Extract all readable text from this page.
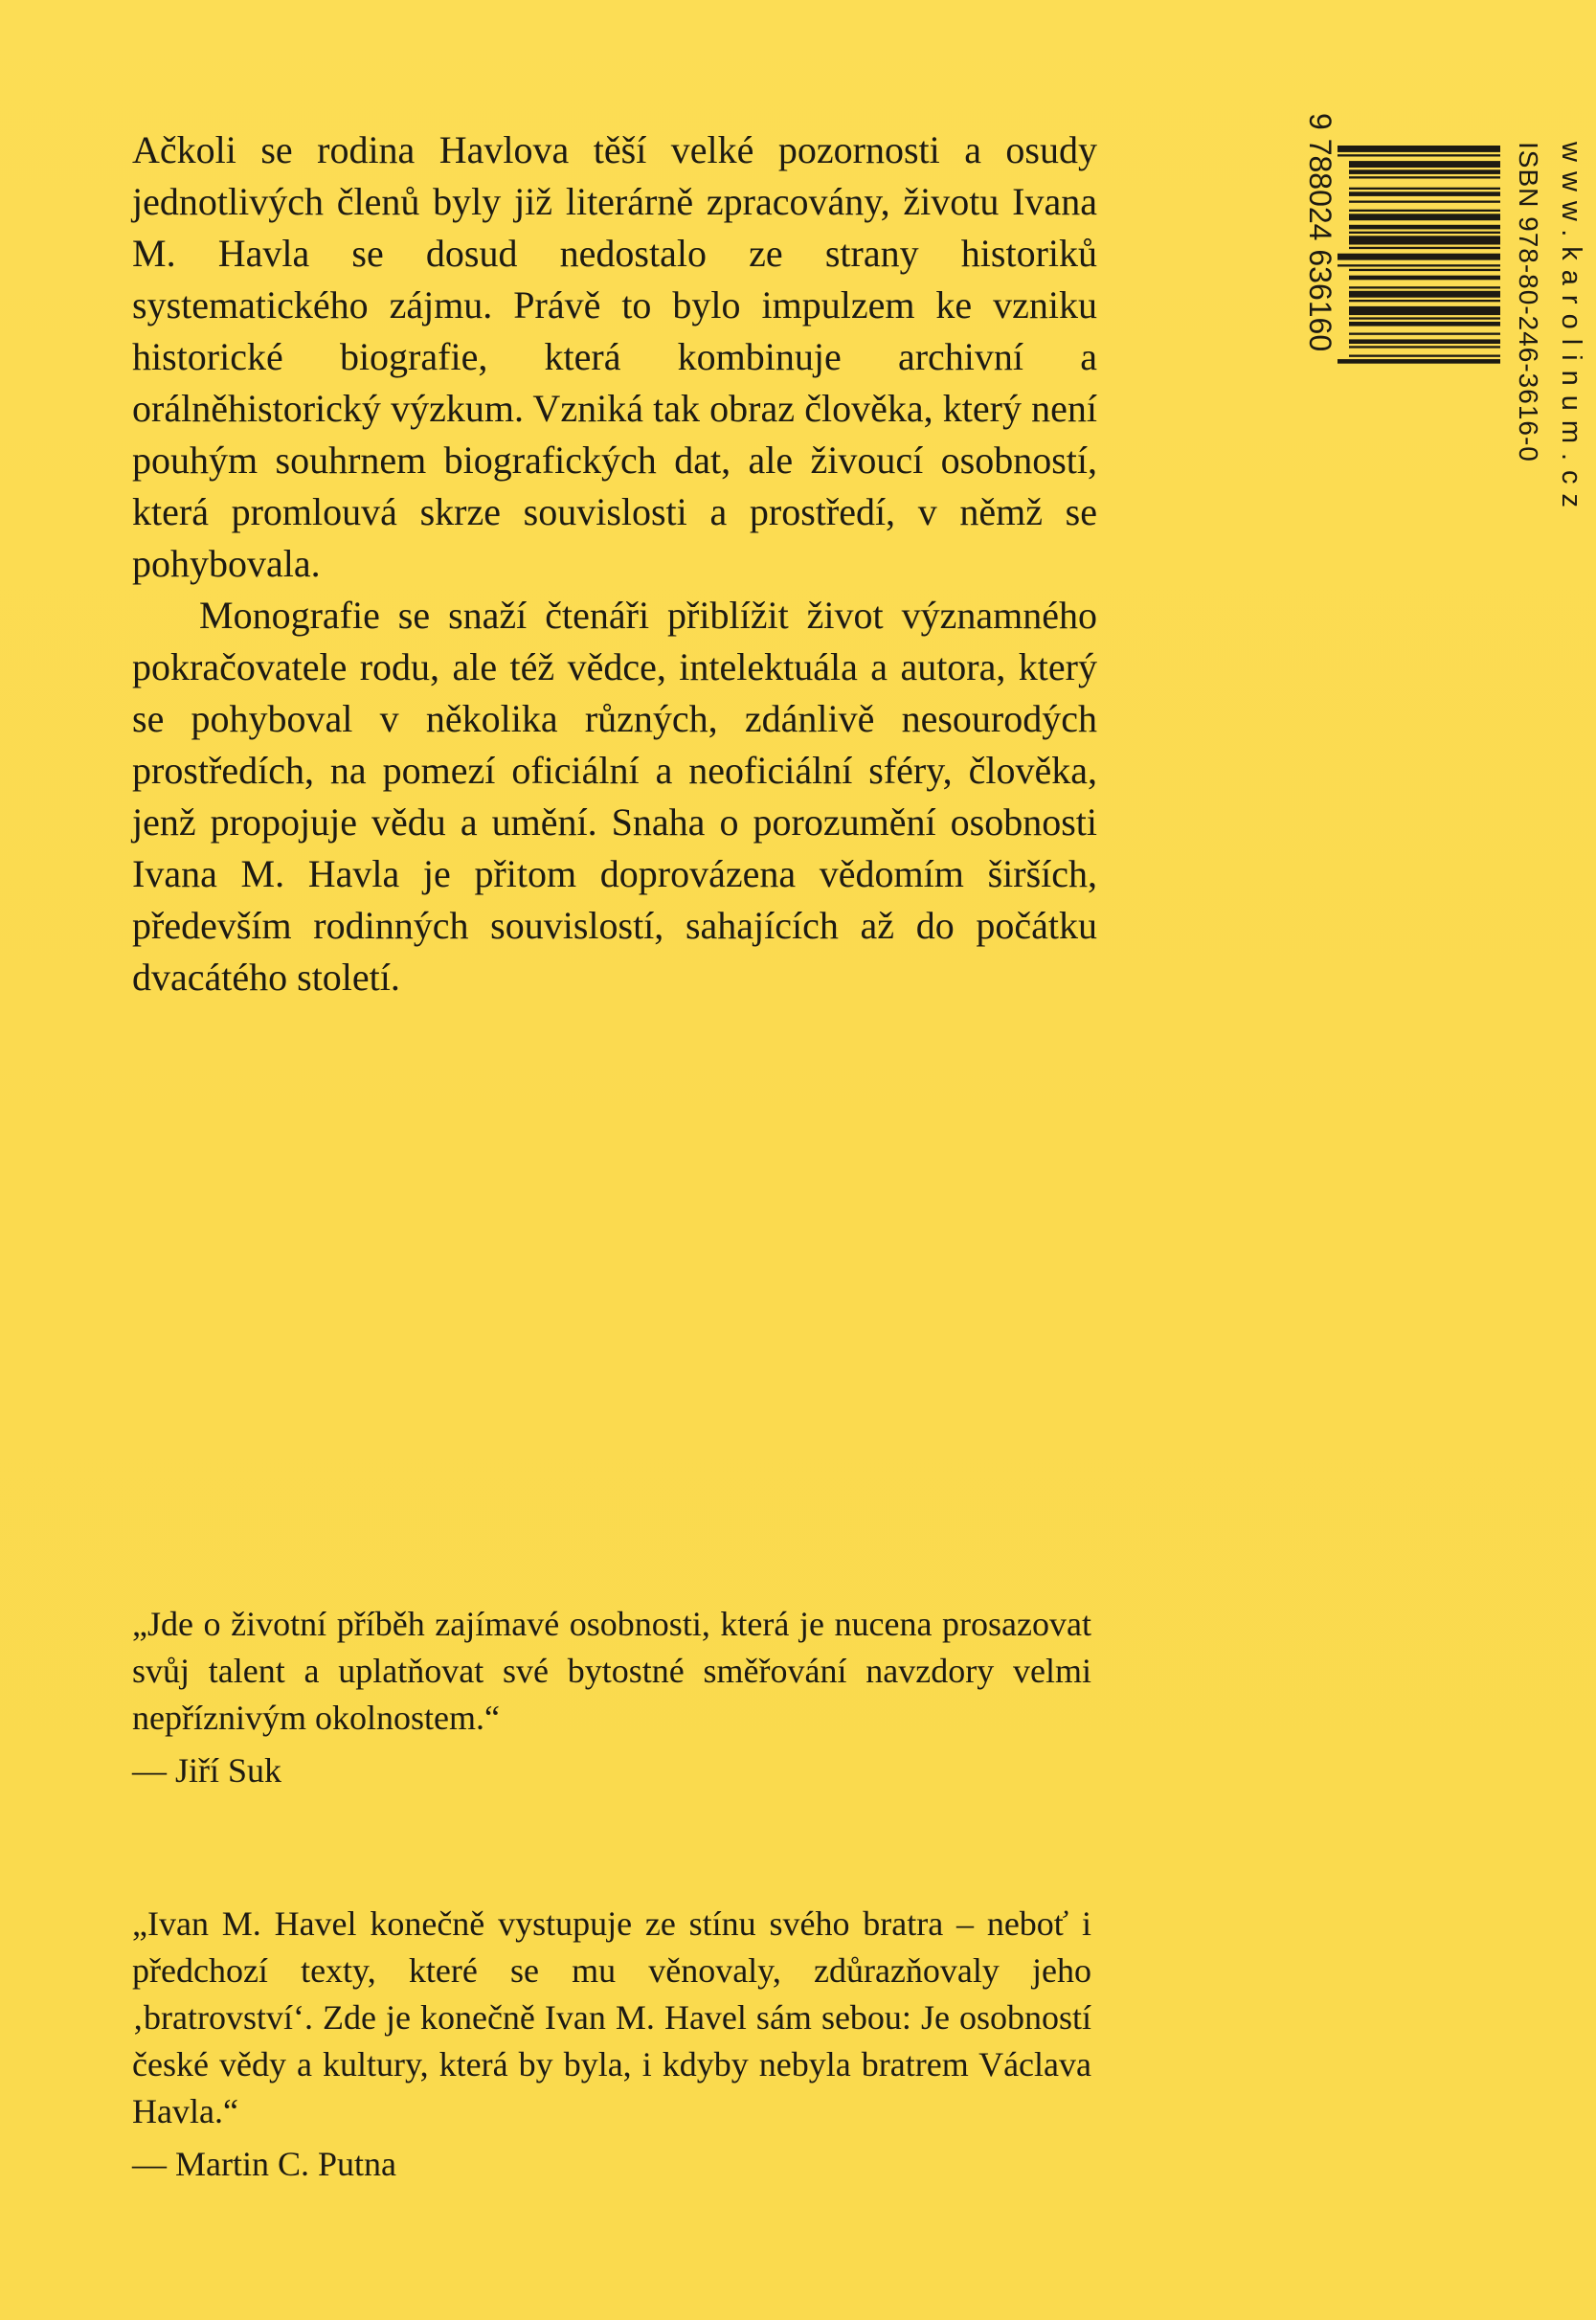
Ačkoli se rodina Havlova těší velké pozornosti a osudy jednotlivých členů byly již literárně zpracovány, životu Ivana M. Havla se dosud nedostalo ze strany historiků systematického zájmu. Právě to bylo impulzem ke vzniku historické biografie, která kombinuje archivní a orálněhistorický výzkum. Vzniká tak obraz člověka, který není pouhým souhrnem biografických dat, ale živoucí osobností, která promlouvá skrze souvislosti a prostředí, v němž se pohybovala.

Monografie se snaží čtenáři přiblížit život významného pokračovatele rodu, ale též vědce, intelektuála a autora, který se pohyboval v několika různých, zdánlivě nesourodých prostředích, na pomezí oficiální a neoficiální sféry, člověka, jenž propojuje vědu a umění. Snaha o porozumění osobnosti Ivana M. Havla je přitom doprovázena vědomím širších, především rodinných souvislostí, sahajících až do počátku dvacátého století.

„Jde o životní příběh zajímavé osobnosti, která je nucena prosazovat svůj talent a uplatňovat své bytostné směřování navzdory velmi nepříznivým okolnostem.“

— Jiří Suk

„Ivan M. Havel konečně vystupuje ze stínu svého bratra – neboť i předchozí texty, které se mu věnovaly, zdůrazňovaly jeho ‚bratrovství‘. Zde je konečně Ivan M. Havel sám sebou: Je osobností české vědy a kultury, která by byla, i kdyby nebyla bratrem Václava Havla.“

— Martin C. Putna

www.karolinum.cz
ISBN 978-80-246-3616-0
9 788024 636160
